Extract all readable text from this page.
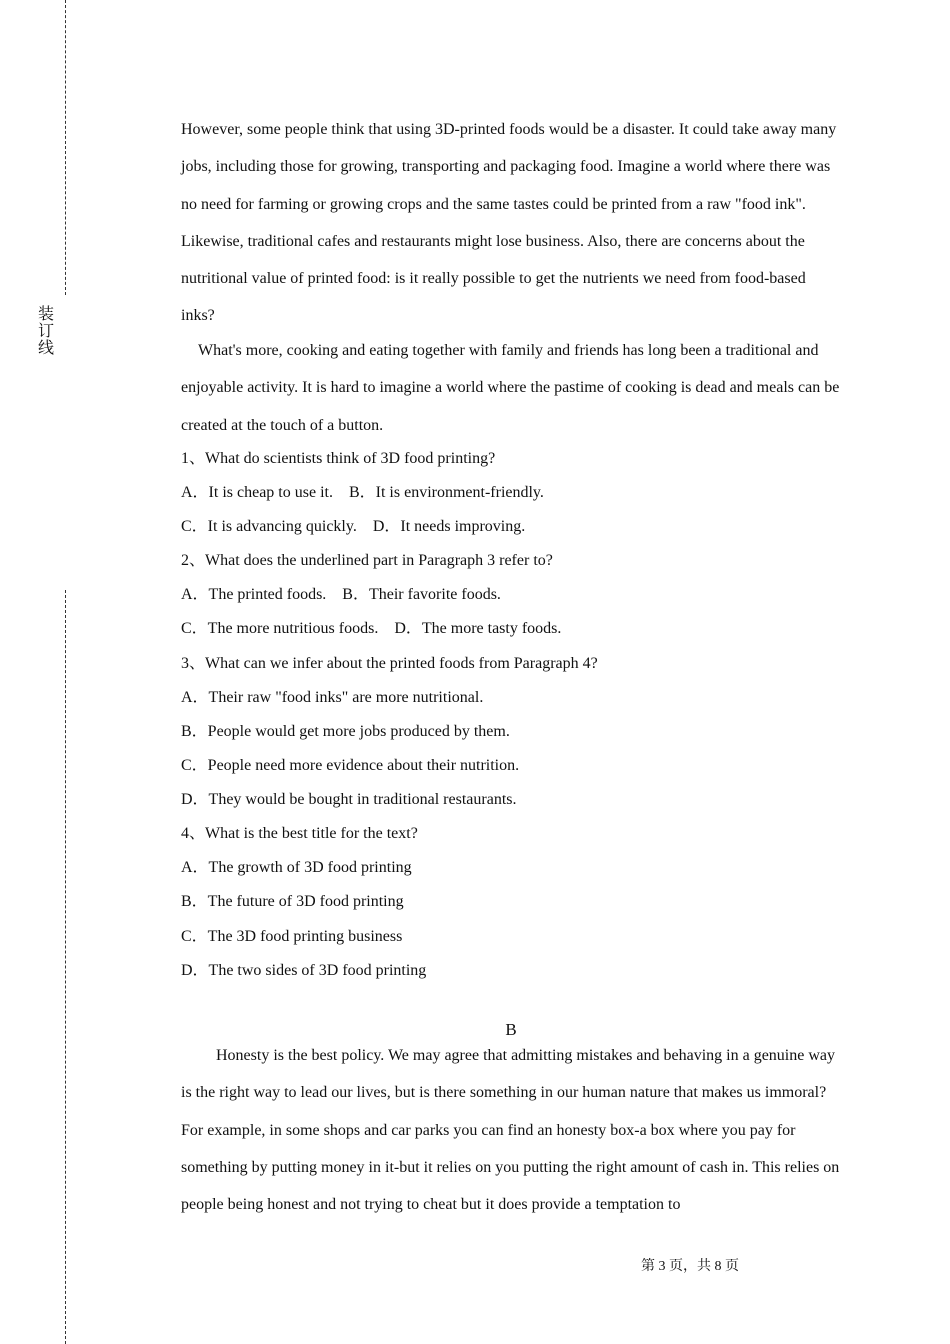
装
订
线

However, some people think that using 3D-printed foods would be a disaster. It could take away many jobs, including those for growing, transporting and packaging food. Imagine a world where there was no need for farming or growing crops and the same tastes could be printed from a raw "food ink". Likewise, traditional cafes and restaurants might lose business. Also, there are concerns about the nutritional value of printed food: is it really possible to get the nutrients we need from food-based inks?

What's more, cooking and eating together with family and friends has long been a traditional and enjoyable activity. It is hard to imagine a world where the pastime of cooking is dead and meals can be created at the touch of a button.

1、What do scientists think of 3D food printing?

A．It is cheap to use it.　B．It is environment-friendly.

C．It is advancing quickly.　D．It needs improving.

2、What does the underlined part in Paragraph 3 refer to?

A．The printed foods.　B．Their favorite foods.

C．The more nutritious foods.　D．The more tasty foods.

3、What can we infer about the printed foods from Paragraph 4?

A．Their raw "food inks" are more nutritional.

B．People would get more jobs produced by them.

C．People need more evidence about their nutrition.

D．They would be bought in traditional restaurants.

4、What is the best title for the text?

A．The growth of 3D food printing

B．The future of 3D food printing

C．The 3D food printing business

D．The two sides of 3D food printing

B

Honesty is the best policy. We may agree that admitting mistakes and behaving in a genuine way is the right way to lead our lives, but is there something in our human nature that makes us immoral? For example, in some shops and car parks you can find an honesty box-a box where you pay for something by putting money in it-but it relies on you putting the right amount of cash in. This relies on people being honest and not trying to cheat but it does provide a temptation to

第 3 页，共 8 页
